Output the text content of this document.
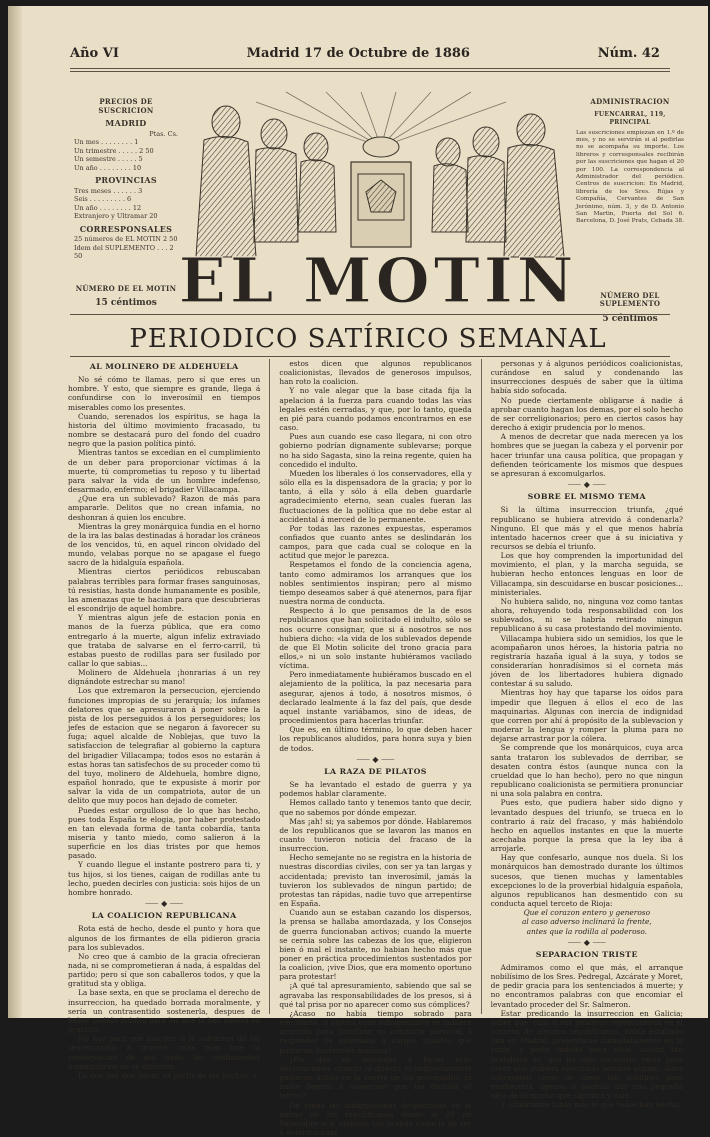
Año VI	Madrid 17 de Octubre de 1886	Núm. 42
PRECIOS DE SUSCRICION
MADRID
Ptas. Cs.
Un mes . . . . . . . . 1
Un trimestre . . . . . 2 50
Un semestre . . . . . 5
Un año . . . . . . . . 10
PROVINCIAS
Tres meses . . . . . . 3
Seis . . . . . . . . . 6
Un año . . . . . . . . 12
Extranjero y Ultramar 20
CORRESPONSALES
25 números de EL MOTIN 2 50
Idem del SUPLEMENTO . . . 2 50
NÚMERO DE EL MOTIN
15 céntimos
ADMINISTRACION
FUENCARRAL, 119, PRINCIPAL
Las suscriciones empiezan en 1.º de mes, y no se servirán si al pedirlas no se acompaña su importe. Los libreros y corresponsales recibirán por las suscriciones que hagan el 20 por 100. La correspondencia al Administrador del periódico. Centros de suscricion: En Madrid, librería de los Sres. Rújas y Compañía, Cervantes de San Jerónimo, núm. 3, y de D. Antonio San Martin, Puerta del Sol 6. Barcelona, D. José Prats, Cebada 38.
NÚMERO DEL SUPLEMENTO
5 céntimos
EL MOTIN
PERIODICO SATÍRICO SEMANAL
AL MOLINERO DE ALDEHUELA

No sé cómo te llamas, pero sí que eres un hombre. Y esto, que siempre es grande, llega á confundirse con lo inverosímil en tiempos miserables como los presentes.

Cuando, serenados los espíritus, se haga la historia del último movimiento fracasado, tu nombre se destacará puro del fondo del cuadro negro que la pasion política pintó.

Mientras tantos se excedian en el cumplimiento de un deber para proporcionar víctimas á la muerte, tú comprometias tu reposo y tu libertad para salvar la vida de un hombre indefenso, desarmado, enfermo; el brigadier Villacampa.

¿Que era un sublevado? Razon de más para ampararle. Delitos que no crean infamia, no deshonran á quien los encubre.

Mientras la grey monárquica fundia en el horno de la ira las balas destinadas á horadar los cráneos de los vencidos, tú, en aquel rincon olvidado del mundo, velabas porque no se apagase el fuego sacro de la hidalguía española.

Mientras ciertos periódicos rebuscaban palabras terribles para formar frases sanguinosas, tú resistias, hasta donde humanamente es posible, las amenazas que te hacian para que descubrieras el escondrijo de aquel hombre.

Y mientras algun jefe de estacion ponia en manos de la fuerza pública, que era como entregarlo á la muerte, algun infeliz extraviado que trataba de salvarse en el ferro-carril, tú estabas puesto de rodillas para ser fusilado por callar lo que sabias...

Molinero de Aldehuela ¡honrarias á un rey dignándote estrechar su mano!

Los que extremaron la persecucion, ejerciendo funciones impropias de su jerarquía; los infames delatores que se apresuraron á poner sobre la pista de los perseguidos á los perseguidores; los jefes de estacion que se negaron á favorecer su fuga; aquel alcalde de Noblejas, que tuvo la satisfaccion de telegrafiar al gobierno la captura del brigadier Villacampa; todos esos no estarán á estas horas tan satisfechos de su proceder como tú del tuyo, molinero de Aldehuela, hombre digno, español honrado, que te expusiste á morir por salvar la vida de un compatriota, autor de un delito que muy pocos han dejado de cometer.

Puedes estar orgulloso de lo que has hecho, pues toda España te elogia, por haber protestado en tan elevada forma de tanta cobardía, tanta miseria y tanto miedo, como salieron á la superficie en los dias tristes por que hemos pasado.

Y cuando llegue el instante postrero para ti, y tus hijos, si los tienes, caigan de rodillas ante tu lecho, pueden decirles con justicia: sois hijos de un hombre honrado.

⸺ ◆ ⸺
LA COALICION REPUBLICANA

Rota está de hecho, desde el punto y hora que algunos de los firmantes de ella pidieron gracia para los sublevados.

No creo que á cambio de la gracia ofrecieran nada, ni se comprometieran á nada, á espaldas del partido; pero sí que son caballeros todos, y que la gratitud sta y obliga.

La base sexta, en que se proclama el derecho de insurreccion, ha quedado borrada moralmente, y sería un contrasentido sostenerla, despues de haber pedido indulto para los que la han puesto en práctica.

No hay para qué discutir si la salvacion de los sentenciados á muerte valia más que la conservacion de esa base; los sentimientos humanitarios no se discuten.

Lo que hay que hacer, es partir de los hechos; y

estos dicen que algunos republicanos coalicionistas, llevados de generosos impulsos, han roto la coalicion.

Y no vale alegar que la base citada fija la apelacion á la fuerza para cuando todas las vías legales estén cerradas, y que, por lo tanto, queda en pié para cuando podamos encontrarnos en ese caso.

Pues aun cuando ese caso llegara, ni con otro gobierno podrían dignamente sublevarse; porque no ha sido Sagasta, sino la reina regente, quien ha concedido el indulto.

Mueden los liberales ó los conservadores, ella y sólo ella es la dispensadora de la gracia; y por lo tanto, á ella y sólo á ella deben guardarle agradecimiento eterno, sean cuales fueran las fluctuaciones de la política que no debe estar al accidental á merced de lo permanente.

Por todas las razones expuestas, esperamos confiados que cuanto antes se deslindarán los campos, para que cada cual se coloque en la actitud que mejor le parezca.

Respetamos el fondo de la conciencia agena, tanto como admiramos los arranques que los nobles sentimientos inspiran; pero al mismo tiempo deseamos saber á qué atenernos, para fijar nuestra norma de conducta.

Respecto á lo que pensamos de la de esos republicanos que han solicitado el indulto, sólo se nos ocurre consignar, que si á nosotros se nos hubiera dicho: «la vida de los sublevados depende de que El Motin solicite del trono gracia para ellos,» ni un solo instante hubiéramos vacilado víctima.

Pero inmediatamente hubiéramos buscado en el alejamiento de la política, la paz necesaria para asegurar, ajenos á todo, á nosotros mismos, ó declarado lealmente á la faz del país, que desde aquel instante variábamos, sino de ideas, de procedimientos para hacerlas triunfar.

Que es, en último término, lo que deben hacer los republicanos aludidos, para honra suya y bien de todos.

⸺ ◆ ⸺
LA RAZA DE PILATOS

Se ha levantado el estado de guerra y ya podemos hablar claramente.

Hemos callado tanto y tenemos tanto que decir, que no sabemos por dónde empezar.

Mas ¡ah! si; ya sabemos por dónde. Hablaremos de los republicanos que se lavaron las manos en cuanto tuvieron noticia del fracaso de la insurreccion.

Hecho semejante no se registra en la historia de nuestras discordias civiles, con ser ya tan largas y accidentada; previsto tan inverosímil, jamás la tuvieron los sublevados de ningun partido; de protestas tan rápidas, nadie tuvo que arrepentirse en España.

Cuando aun se estaban cazando los dispersos, la prensa se hallaba amordazada, y los Consejos de guerra funcionaban activos; cuando la muerte se cernia sobre las cabezas de los que, eligieron bien ó mal el instante, no habian hecho más que poner en práctica procedimientos sustentados por la coalicion, ¡vive Dios, que era momento oportuno para protestar!

¡A qué tal apresuramiento, sabiendo que sal se agravaba las responsabilidades de los presos, si á qué tal prisa por no aparecer como sus cómplices?

¿Acaso no había tiempo sobrado para efectuarlo, si alguna cosa indispensable se hubiera ocurrido para justificar su conducta personal ó responder de antemano á cargos injustos que pudieran hacérseles mañana?

¿Por qué no aguardar á hacer esas declaraciones cuando ni directa ni indirectamente pudieran influir en la suerte de los procesados, ni nadie llegara á sospechar que las dictaba el terror?

De todas las indignaciones despertadas en el ánimo de los republicanos desde el 20 de Setiembre acá, ninguna tan grande como la de ver á determinadas

personas y á algunos periódicos coalicionistas, curándose en salud y condenando las insurrecciones después de saber que la última había sido sofocada.

No puede ciertamente obligarse á nadie á aprobar cuanto hagan los demas, por el solo hecho de ser correligionarios; pero en ciertos casos hay derecho á exigir prudencia por lo menos.

A menos de decretar que nada merecen ya los hombres que se juegan la cabeza y el porvenir por hacer triunfar una causa política, que propagan y defienden teóricamente los mismos que despues se apresuran á excomulgarlos.

⸺ ◆ ⸺
SOBRE EL MISMO TEMA

Si la última insurreccion triunfa, ¿qué republicano se hubiera atrevido á condenarla? Ninguno. El que más y el que menos habría intentado hacernos creer que á su iniciativa y recursos se debía el triunfo.

Los que hoy comprenden la importunidad del movimiento, el plan, y la marcha seguida, se hubieran hecho entonces lenguas en loor de Villacampa, sin descuidarse en buscar posiciones... ministeriales.

No hubiera salido, no, ninguna voz como tantas ahora, rehuyendo toda responsabilidad con los sublevados, ni se habría retirado ningun republicano á su casa protestando del movimiento.

Villacampa hubiera sido un semidios, los que le acompañaron unos héroes, la historia patria no registraría hazaña igual á la suya, y todos se considerarían honradísimos si el corneta más jóven de los libertadores hubiera dignado contestar á su saludo.

Mientras hoy hay que taparse los oídos para impedir que lleguen á ellos el eco de las maquinarias. Algunas con inercia de indignidad que corren por ahí á propósito de la sublevacion y moderar la lengua y romper la pluma para no dejarse arrastrar por la cólera.

Se comprende que los monárquicos, cuya arca santa trataron los sublevados de derribar, se desaten contra éstos (aunque nunca con la crueldad que lo han hecho), pero no que ningun republicano coalicionista se permitiera pronunciar ni una sola palabra en contra.

Pues esto, que pudiera haber sido digno y levantado despues del triunfo, se trueca en lo contrario á raíz del fracaso, y más habiéndolo hecho en aquellos instantes en que la muerte acechaba porque la presa que la ley iba á arrojarle.

Hay que confesarlo, aunque nos duela. Si los monárquicos han demostrado durante los últimos sucesos, que tienen muchas y lamentables excepciones lo de la proverbial hidalguía española, algunos republicanos han desmentido con su conducta aquel terceto de Rioja:

Que el corazon entero y generoso

al caso adverso inclinará la frente,

antes que la rodilla al poderoso.

⸺ ◆ ⸺
SEPARACION TRISTE

Admiramos como el que más, el arranque nobilísimo de los Sres. Pedregal, Azcárate y Moret, de pedir gracia para los sentenciados á muerte; y no encontramos palabras con que encomiar el levantado proceder del Sr. Salmeron.

Estar predicando la insurreccion en Galicia; saber que, cual si sus palabras repercutieran en el corazon de algunos republicanos, había estallado una en Madrid; presentarse inmediatamente en la corte, y pedir indulto para ellos, acción tan grandiosa es, que ha sido necesario venia para creer que pudiera ejecutarla hombre alguno. Altos sobresalen como de ideas tan sublimes para enaltecerla, apenas si podrían dar una pequeña idea de lo mucho que significa y vale.

Y admiramos tanto más lo que todos han hecho,
